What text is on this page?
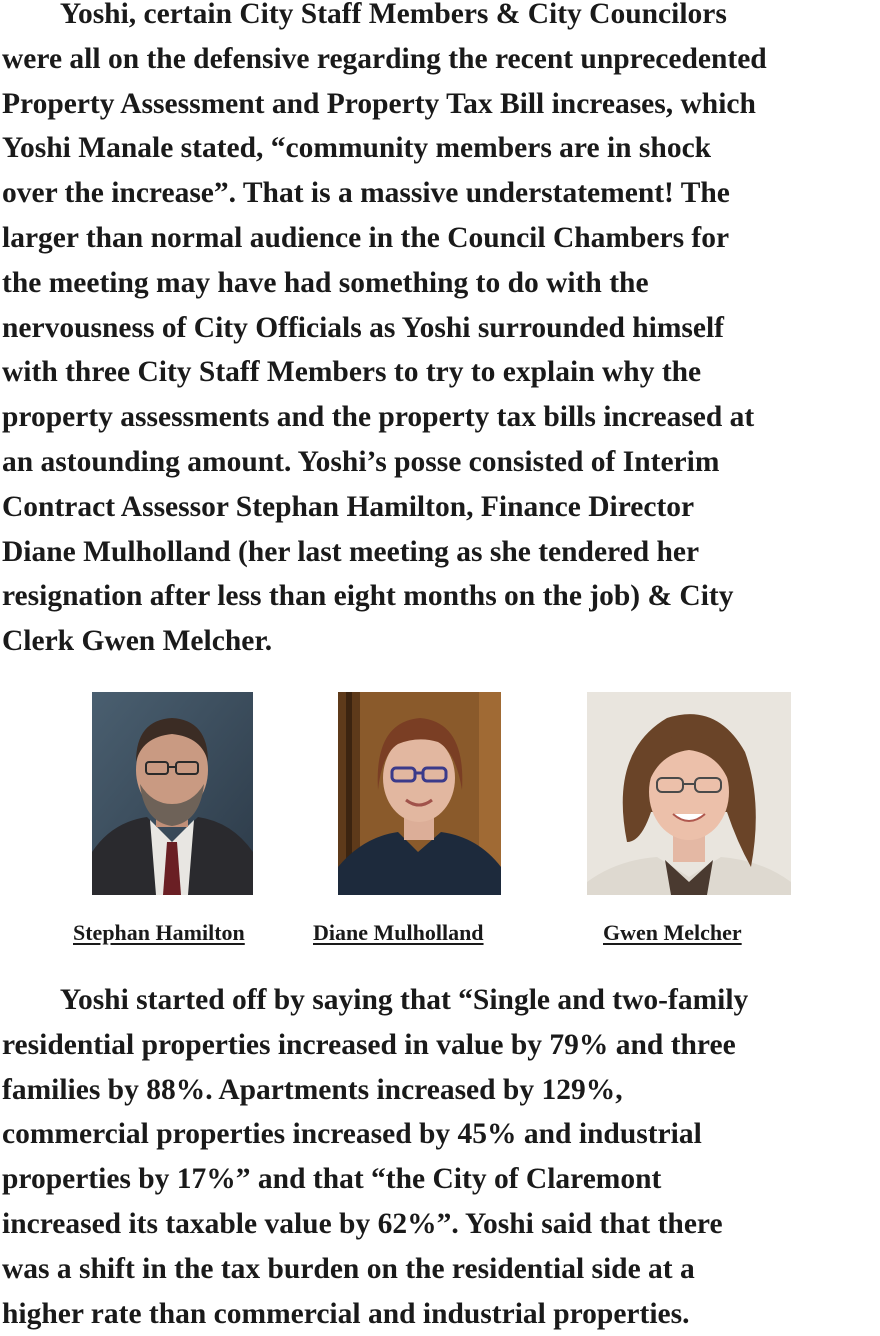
Yoshi, certain City Staff Members & City Councilors
were all on the defensive regarding the recent unprecedented
Property Assessment and Property Tax Bill increases, which
Yoshi Manale stated, “community members are in shock
over the increase”. That is a massive understatement! The
larger than normal audience in the Council Chambers for
the meeting may have had something to do with the
nervousness of City Officials as Yoshi surrounded himself
with three City Staff Members to try to explain why the
property assessments and the property tax bills increased at
an astounding amount. Yoshi’s posse consisted of Interim
Contract Assessor Stephan Hamilton, Finance Director
Diane Mulholland (her last meeting as she tendered her
resignation after less than eight months on the job) & City
Clerk Gwen Melcher.
Stephan Hamilton	Diane Mulholland	Gwen Melcher
Yoshi started off by saying that “Single and two-family
residential properties increased in value by 79% and three
families by 88%. Apartments increased by 129%,
commercial properties increased by 45% and industrial
properties by 17%” and that “the City of Claremont
increased its taxable value by 62%”. Yoshi said that there
was a shift in the tax burden on the residential side at a
higher rate than commercial and industrial properties.
